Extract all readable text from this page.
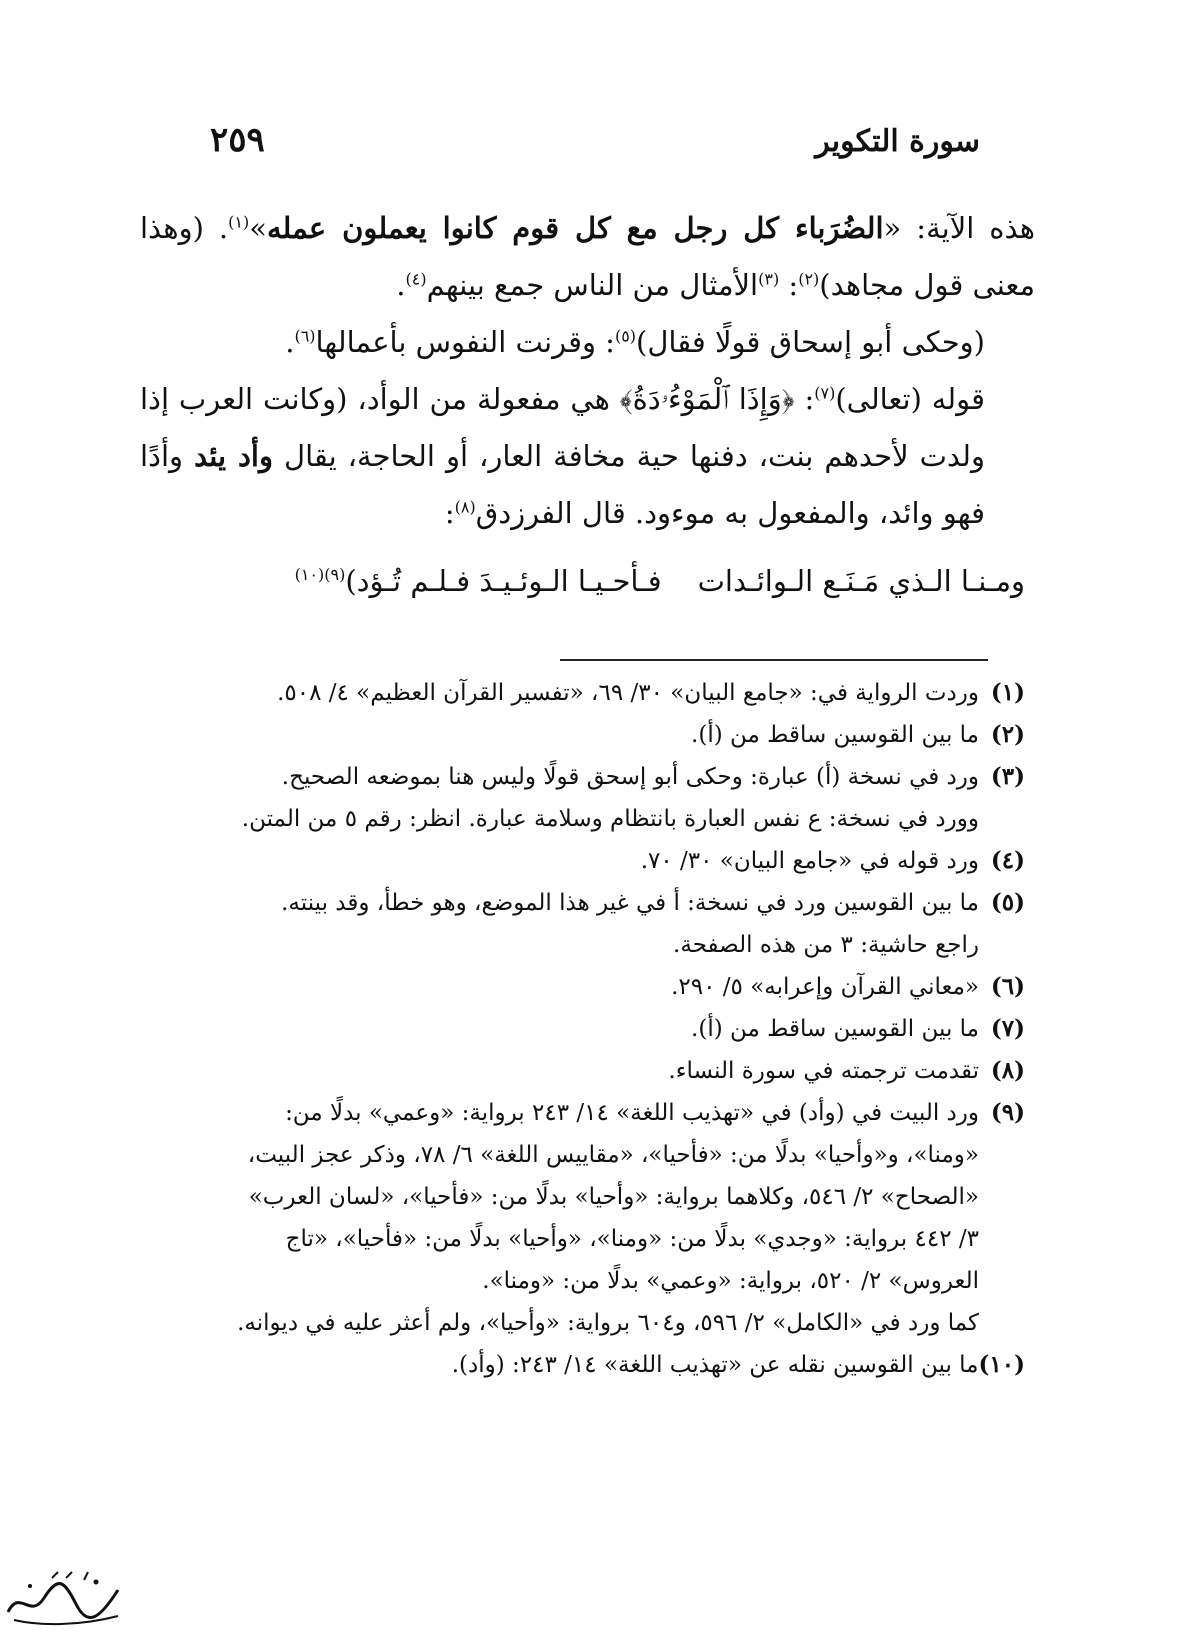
سورة التكوير
٢٥٩

هذه الآية: «الضُرَباء كل رجل مع كل قوم كانوا يعملون عمله»$^{(١)}$. (وهذا معنى قول مجاهد)$^{(٢)}$: $^{(٣)}$الأمثال من الناس جمع بينهم$^{(٤)}$.

(وحكى أبو إسحاق قولًا فقال)$^{(٥)}$: وقرنت النفوس بأعمالها$^{(٦)}$.

قوله (تعالى)$^{(٧)}$: ﴿وَإِذَا ٱلْمَوْءُۥدَةُ﴾ هي مفعولة من الوأد، (وكانت العرب إذا ولدت لأحدهم بنت، دفنها حية مخافة العار، أو الحاجة، يقال وأد يئد وأدًا فهو وائد، والمفعول به موءود. قال الفرزدق$^{(٨)}$:

ومـنـا الـذي مَـنَـع الـوائـداتفـأحـيـا الـوئـيـدَ فـلـم تُـؤد)$^{(٩)(١٠)}$
(١)
وردت الرواية في: «جامع البيان» ٣٠/ ٦٩، «تفسير القرآن العظيم» ٤/ ٥٠٨.
(٢)
ما بين القوسين ساقط من (أ).
(٣)
ورد في نسخة (أ) عبارة: وحكى أبو إسحق قولًا وليس هنا بموضعه الصحيح.
وورد في نسخة: ع نفس العبارة بانتظام وسلامة عبارة. انظر: رقم ٥ من المتن.
(٤)
ورد قوله في «جامع البيان» ٣٠/ ٧٠.
(٥)
ما بين القوسين ورد في نسخة: أ في غير هذا الموضع، وهو خطأ، وقد بينته.
راجع حاشية: ٣ من هذه الصفحة.
(٦)
«معاني القرآن وإعرابه» ٥/ ٢٩٠.
(٧)
ما بين القوسين ساقط من (أ).
(٨)
تقدمت ترجمته في سورة النساء.
(٩)
ورد البيت في (وأد) في «تهذيب اللغة» ١٤/ ٢٤٣ برواية: «وعمي» بدلًا من:
«ومنا»، و«وأحيا» بدلًا من: «فأحيا»، «مقاييس اللغة» ٦/ ٧٨، وذكر عجز البيت،
«الصحاح» ٢/ ٥٤٦، وكلاهما برواية: «وأحيا» بدلًا من: «فأحيا»، «لسان العرب»
٣/ ٤٤٢ برواية: «وجدي» بدلًا من: «ومنا»، «وأحيا» بدلًا من: «فأحيا»، «تاج
العروس» ٢/ ٥٢٠، برواية: «وعمي» بدلًا من: «ومنا».
كما ورد في «الكامل» ٢/ ٥٩٦، و٦٠٤ برواية: «وأحيا»، ولم أعثر عليه في ديوانه.
(١٠)
ما بين القوسين نقله عن «تهذيب اللغة» ١٤/ ٢٤٣: (وأد).
